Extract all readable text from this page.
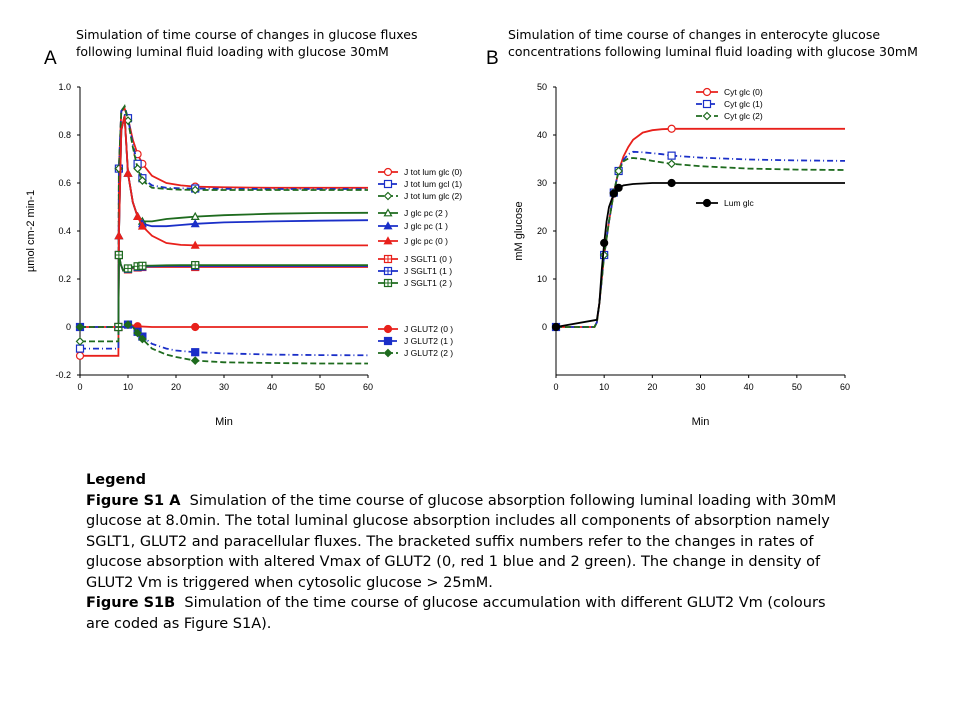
Simulation of time course of changes in glucose fluxes
following luminal fluid loading with glucose 30mM
Simulation of time course of changes in enterocyte glucose
concentrations following luminal fluid loading with glucose 30mM
A	B
0	10	20	30	40	50	60
-0.2
0
0.2
0.4
0.6
0.8
1.0
Min
µmol cm-2 min-1
J tot lum glc (0)
J tot lum gcl (1)
J tot lum glc (2)
J glc pc (2 )
J glc pc (1 )
J glc pc (0 )
J SGLT1 (0 )
J SGLT1 (1 )
J SGLT1 (2 )
J GLUT2 (0 )
J GLUT2 (1 )
J GLUT2 (2 )
0	10	20	30	40	50	60
0
10
20
30
40
50
Min
mM glucose
Cyt glc (0)
Cyt glc (1)
Cyt glc (2)
Lum glc

Legend

Figure S1 A Simulation of the time course of glucose absorption following luminal loading with 30mM glucose at 8.0min. The total luminal glucose absorption includes all components of absorption namely SGLT1, GLUT2 and paracellular fluxes. The bracketed suffix numbers refer to the changes in rates of glucose absorption with altered Vmax of GLUT2 (0, red 1 blue and 2 green). The change in density of GLUT2 Vm is triggered when cytosolic glucose > 25mM.

Figure S1B Simulation of the time course of glucose accumulation with different GLUT2 Vm (colours are coded as Figure S1A).
